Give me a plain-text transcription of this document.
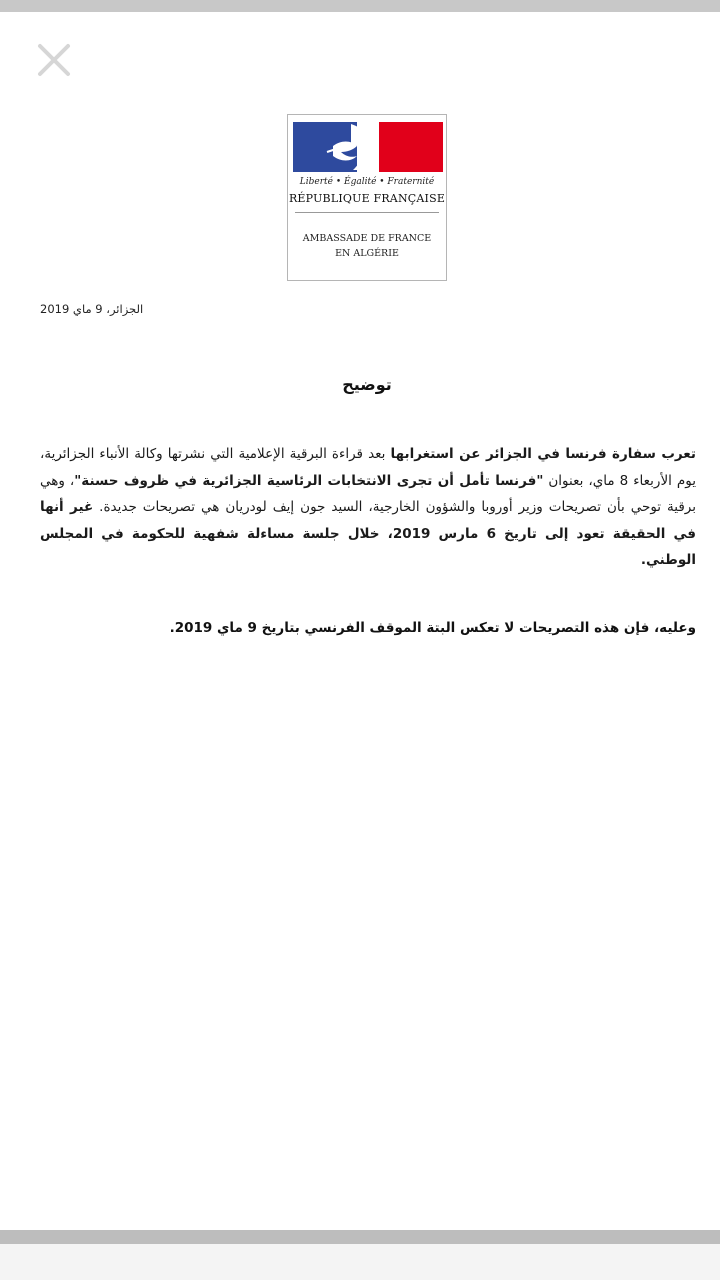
Liberté • Égalité • Fraternité
RÉPUBLIQUE FRANÇAISE
AMBASSADE DE FRANCE
EN ALGÉRIE
الجزائر، 9 ماي 2019
توضيح
تعرب سفارة فرنسا في الجزائر عن استغرابها بعد قراءة البرقية الإعلامية التي نشرتها وكالة الأنباء الجزائرية، يوم الأربعاء 8 ماي، بعنوان "فرنسا تأمل أن تجرى الانتخابات الرئاسية الجزائرية في ظروف حسنة"، وهي برقية توحي بأن تصريحات وزير أوروبا والشؤون الخارجية، السيد جون إيف لودريان هي تصريحات جديدة. غير أنها في الحقيقة تعود إلى تاريخ 6 مارس 2019، خلال جلسة مساءلة شفهية للحكومة في المجلس الوطني.
وعليه، فإن هذه التصريحات لا تعكس البتة الموقف الفرنسي بتاريخ 9 ماي 2019.
